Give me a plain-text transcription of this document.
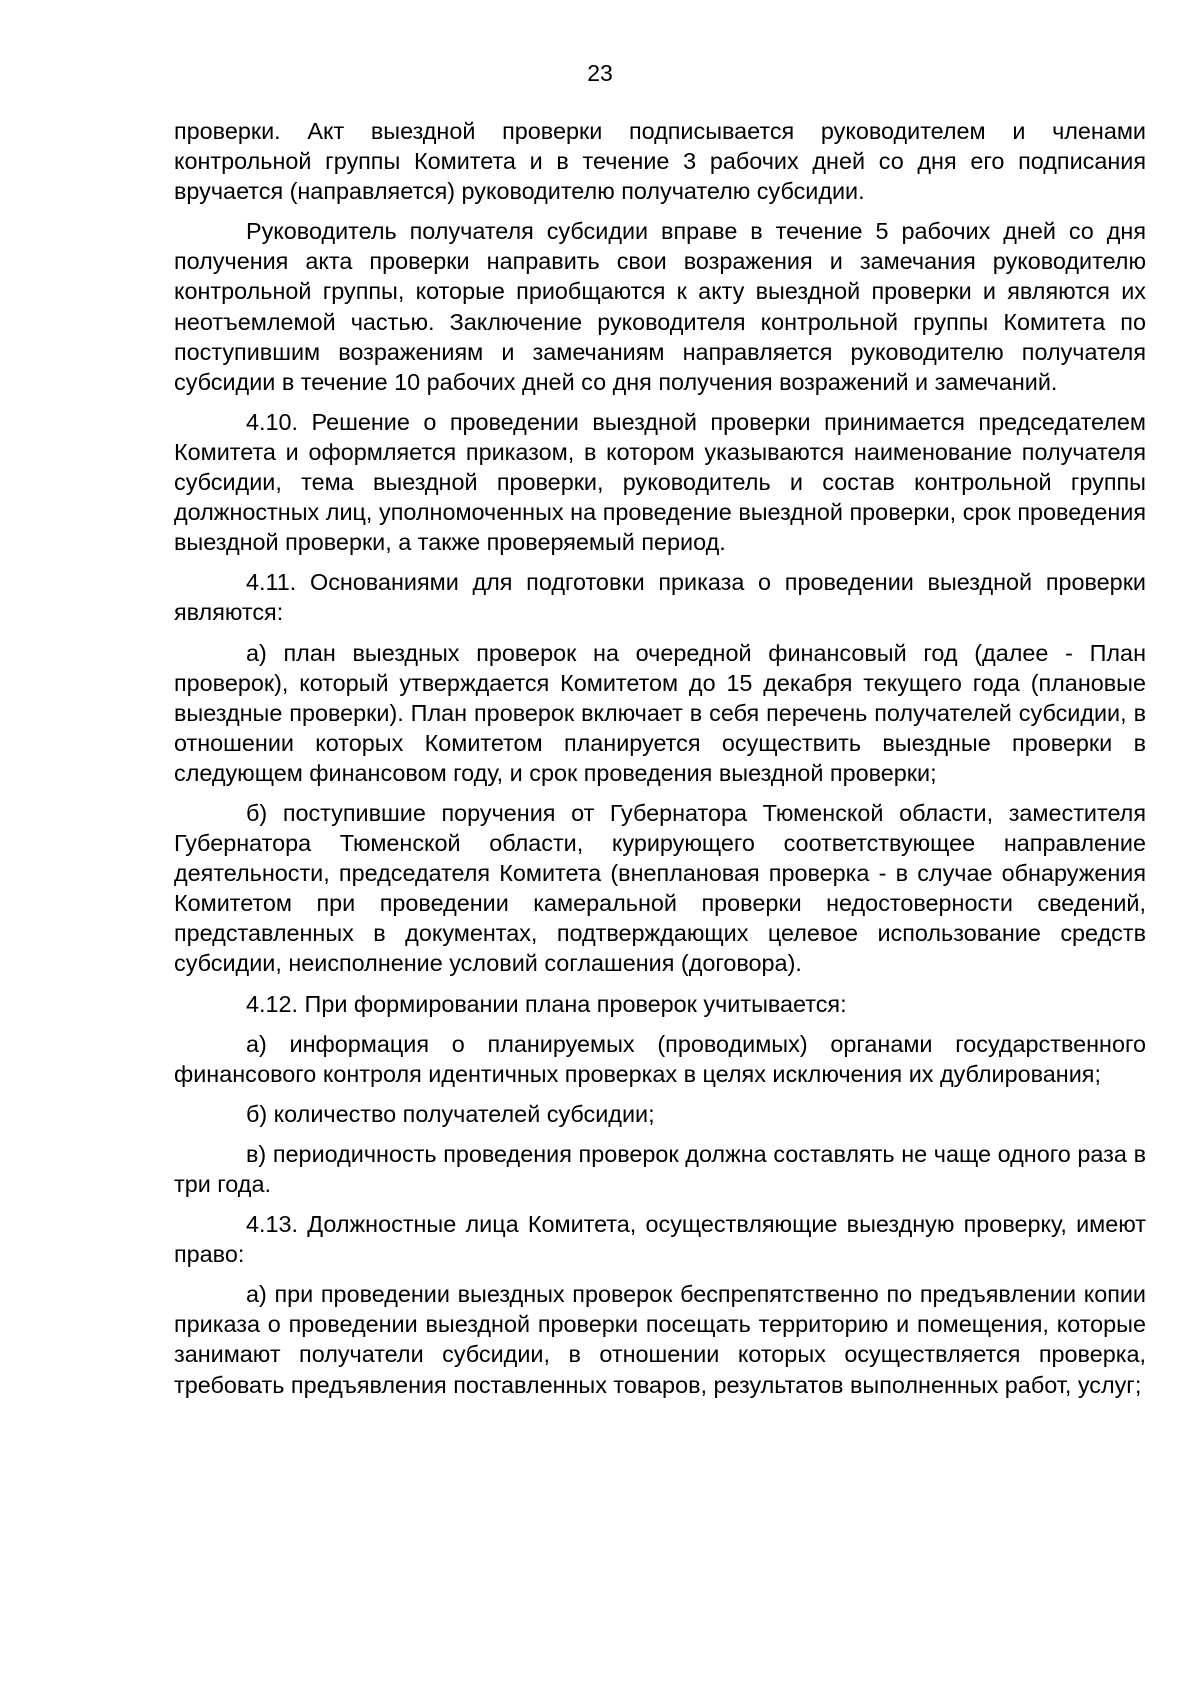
23

проверки. Акт выездной проверки подписывается руководителем и членами контрольной группы Комитета и в течение 3 рабочих дней со дня его подписания вручается (направляется) руководителю получателю субсидии.

Руководитель получателя субсидии вправе в течение 5 рабочих дней со дня получения акта проверки направить свои возражения и замечания руководителю контрольной группы, которые приобщаются к акту выездной проверки и являются их неотъемлемой частью. Заключение руководителя контрольной группы Комитета по поступившим возражениям и замечаниям направляется руководителю получателя субсидии в течение 10 рабочих дней со дня получения возражений и замечаний.

4.10. Решение о проведении выездной проверки принимается председателем Комитета и оформляется приказом, в котором указываются наименование получателя субсидии, тема выездной проверки, руководитель и состав контрольной группы должностных лиц, уполномоченных на проведение выездной проверки, срок проведения выездной проверки, а также проверяемый период.

4.11. Основаниями для подготовки приказа о проведении выездной проверки являются:

а) план выездных проверок на очередной финансовый год (далее - План проверок), который утверждается Комитетом до 15 декабря текущего года (плановые выездные проверки). План проверок включает в себя перечень получателей субсидии, в отношении которых Комитетом планируется осуществить выездные проверки в следующем финансовом году, и срок проведения выездной проверки;

б) поступившие поручения от Губернатора Тюменской области, заместителя Губернатора Тюменской области, курирующего соответствующее направление деятельности, председателя Комитета (внеплановая проверка - в случае обнаружения Комитетом при проведении камеральной проверки недостоверности сведений, представленных в документах, подтверждающих целевое использование средств субсидии, неисполнение условий соглашения (договора).

4.12. При формировании плана проверок учитывается:

а) информация о планируемых (проводимых) органами государственного финансового контроля идентичных проверках в целях исключения их дублирования;

б) количество получателей субсидии;

в) периодичность проведения проверок должна составлять не чаще одного раза в три года.

4.13. Должностные лица Комитета, осуществляющие выездную проверку, имеют право:

а) при проведении выездных проверок беспрепятственно по предъявлении копии приказа о проведении выездной проверки посещать территорию и помещения, которые занимают получатели субсидии, в отношении которых осуществляется проверка, требовать предъявления поставленных товаров, результатов выполненных работ, услуг;
